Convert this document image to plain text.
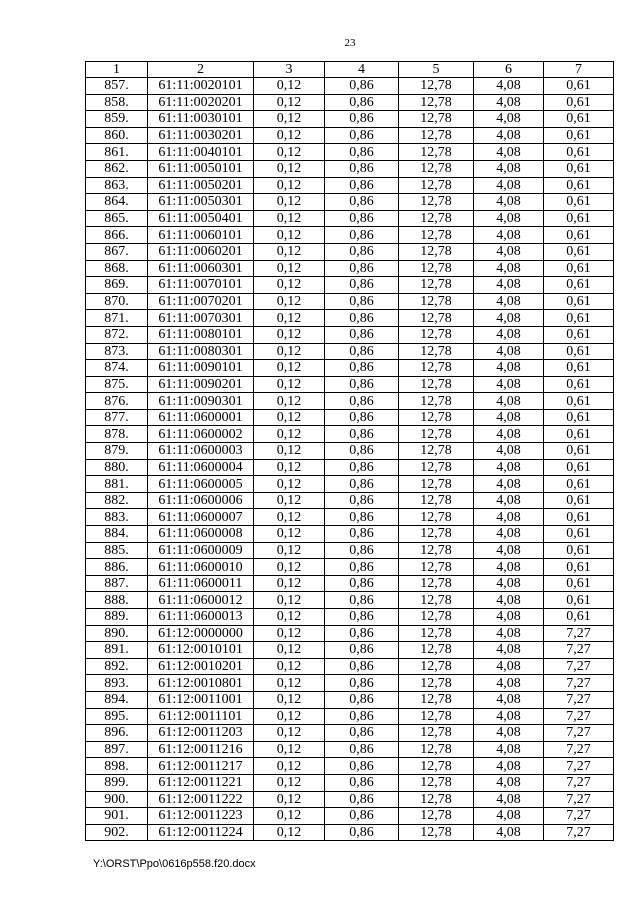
23
1	2	3	4	5	6	7
857.	61:11:0020101	0,12	0,86	12,78	4,08	0,61
858.	61:11:0020201	0,12	0,86	12,78	4,08	0,61
859.	61:11:0030101	0,12	0,86	12,78	4,08	0,61
860.	61:11:0030201	0,12	0,86	12,78	4,08	0,61
861.	61:11:0040101	0,12	0,86	12,78	4,08	0,61
862.	61:11:0050101	0,12	0,86	12,78	4,08	0,61
863.	61:11:0050201	0,12	0,86	12,78	4,08	0,61
864.	61:11:0050301	0,12	0,86	12,78	4,08	0,61
865.	61:11:0050401	0,12	0,86	12,78	4,08	0,61
866.	61:11:0060101	0,12	0,86	12,78	4,08	0,61
867.	61:11:0060201	0,12	0,86	12,78	4,08	0,61
868.	61:11:0060301	0,12	0,86	12,78	4,08	0,61
869.	61:11:0070101	0,12	0,86	12,78	4,08	0,61
870.	61:11:0070201	0,12	0,86	12,78	4,08	0,61
871.	61:11:0070301	0,12	0,86	12,78	4,08	0,61
872.	61:11:0080101	0,12	0,86	12,78	4,08	0,61
873.	61:11:0080301	0,12	0,86	12,78	4,08	0,61
874.	61:11:0090101	0,12	0,86	12,78	4,08	0,61
875.	61:11:0090201	0,12	0,86	12,78	4,08	0,61
876.	61:11:0090301	0,12	0,86	12,78	4,08	0,61
877.	61:11:0600001	0,12	0,86	12,78	4,08	0,61
878.	61:11:0600002	0,12	0,86	12,78	4,08	0,61
879.	61:11:0600003	0,12	0,86	12,78	4,08	0,61
880.	61:11:0600004	0,12	0,86	12,78	4,08	0,61
881.	61:11:0600005	0,12	0,86	12,78	4,08	0,61
882.	61:11:0600006	0,12	0,86	12,78	4,08	0,61
883.	61:11:0600007	0,12	0,86	12,78	4,08	0,61
884.	61:11:0600008	0,12	0,86	12,78	4,08	0,61
885.	61:11:0600009	0,12	0,86	12,78	4,08	0,61
886.	61:11:0600010	0,12	0,86	12,78	4,08	0,61
887.	61:11:0600011	0,12	0,86	12,78	4,08	0,61
888.	61:11:0600012	0,12	0,86	12,78	4,08	0,61
889.	61:11:0600013	0,12	0,86	12,78	4,08	0,61
890.	61:12:0000000	0,12	0,86	12,78	4,08	7,27
891.	61:12:0010101	0,12	0,86	12,78	4,08	7,27
892.	61:12:0010201	0,12	0,86	12,78	4,08	7,27
893.	61:12:0010801	0,12	0,86	12,78	4,08	7,27
894.	61:12:0011001	0,12	0,86	12,78	4,08	7,27
895.	61:12:0011101	0,12	0,86	12,78	4,08	7,27
896.	61:12:0011203	0,12	0,86	12,78	4,08	7,27
897.	61:12:0011216	0,12	0,86	12,78	4,08	7,27
898.	61:12:0011217	0,12	0,86	12,78	4,08	7,27
899.	61:12:0011221	0,12	0,86	12,78	4,08	7,27
900.	61:12:0011222	0,12	0,86	12,78	4,08	7,27
901.	61:12:0011223	0,12	0,86	12,78	4,08	7,27
902.	61:12:0011224	0,12	0,86	12,78	4,08	7,27
Y:\ORST\Ppo\0616p558.f20.docx
